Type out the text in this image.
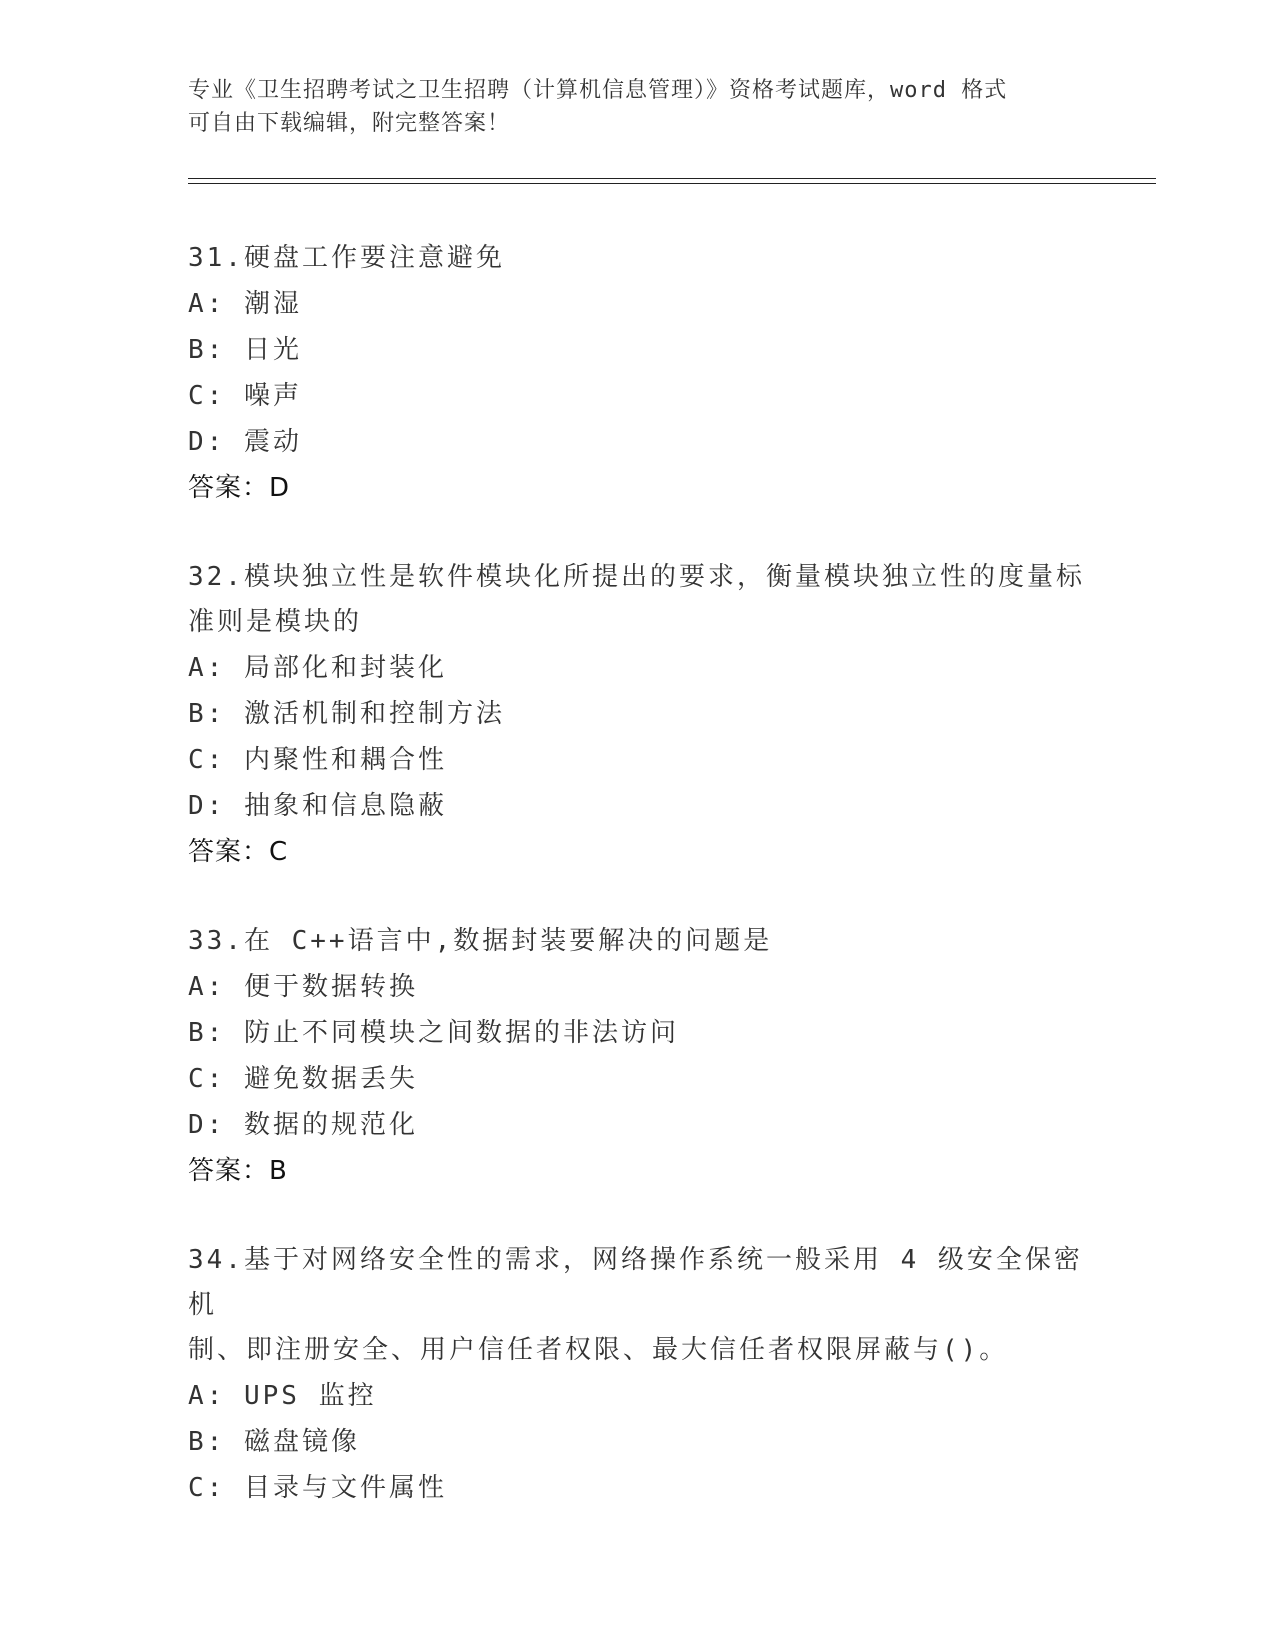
专业《卫生招聘考试之卫生招聘（计算机信息管理）》资格考试题库，word 格式
可自由下载编辑，附完整答案！

31.硬盘工作要注意避免

A: 潮湿

B: 日光

C: 噪声

D: 震动

答案：D

32.模块独立性是软件模块化所提出的要求，衡量模块独立性的度量标

准则是模块的

A: 局部化和封装化

B: 激活机制和控制方法

C: 内聚性和耦合性

D: 抽象和信息隐蔽

答案：C

33.在 C++语言中,数据封装要解决的问题是

A: 便于数据转换

B: 防止不同模块之间数据的非法访问

C: 避免数据丢失

D: 数据的规范化

答案：B

34.基于对网络安全性的需求，网络操作系统一般采用 4 级安全保密机

制、即注册安全、用户信任者权限、最大信任者权限屏蔽与()。

A: UPS 监控

B: 磁盘镜像

C: 目录与文件属性
